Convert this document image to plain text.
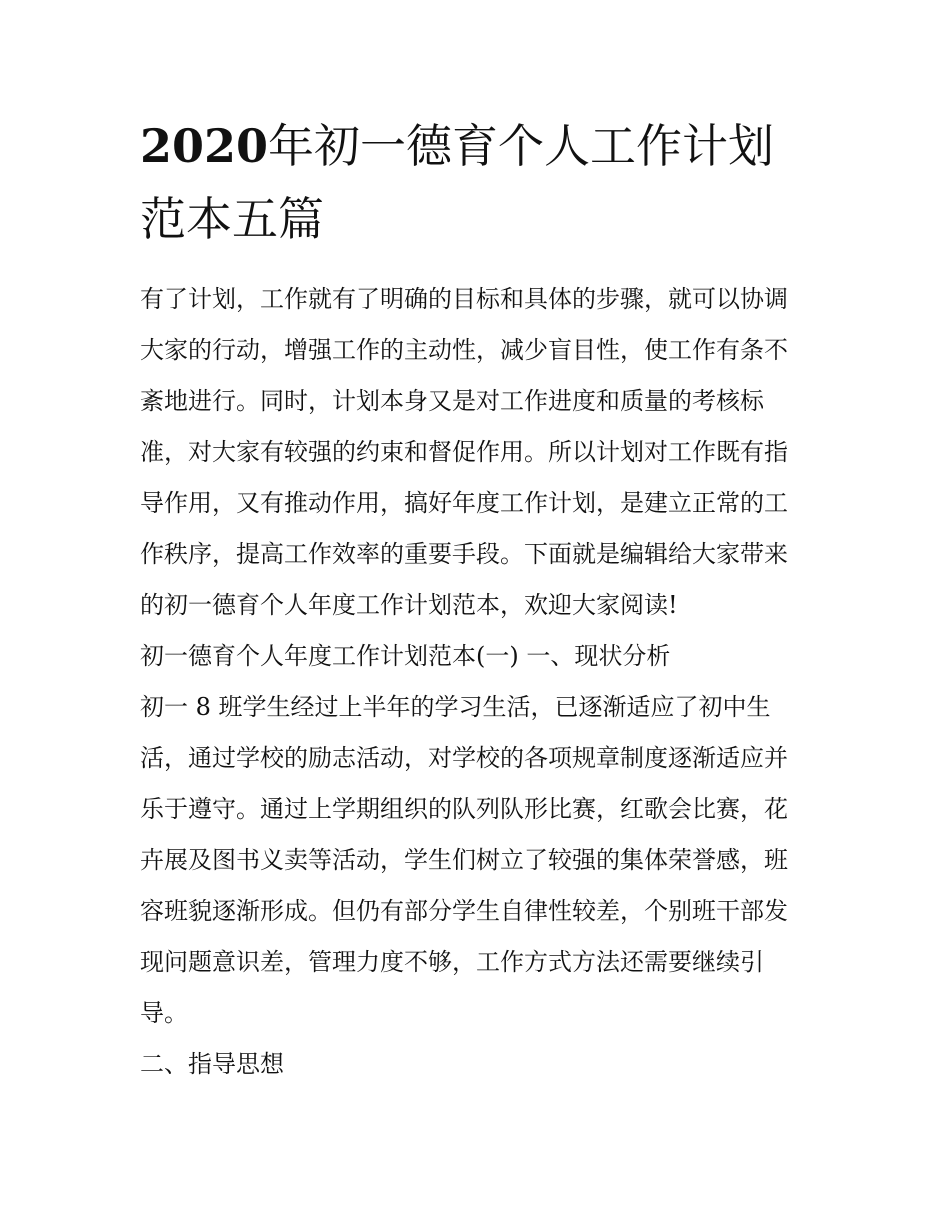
2020年初一德育个人工作计划
范本五篇
有了计划，工作就有了明确的目标和具体的步骤，就可以协调
大家的行动，增强工作的主动性，减少盲目性，使工作有条不
紊地进行。同时，计划本身又是对工作进度和质量的考核标
准，对大家有较强的约束和督促作用。所以计划对工作既有指
导作用，又有推动作用，搞好年度工作计划，是建立正常的工
作秩序，提高工作效率的重要手段。下面就是编辑给大家带来
的初一德育个人年度工作计划范本，欢迎大家阅读!
初一德育个人年度工作计划范本(一) 一、现状分析
初一 8 班学生经过上半年的学习生活，已逐渐适应了初中生
活，通过学校的励志活动，对学校的各项规章制度逐渐适应并
乐于遵守。通过上学期组织的队列队形比赛，红歌会比赛，花
卉展及图书义卖等活动，学生们树立了较强的集体荣誉感，班
容班貌逐渐形成。但仍有部分学生自律性较差，个别班干部发
现问题意识差，管理力度不够，工作方式方法还需要继续引
导。
二、指导思想
